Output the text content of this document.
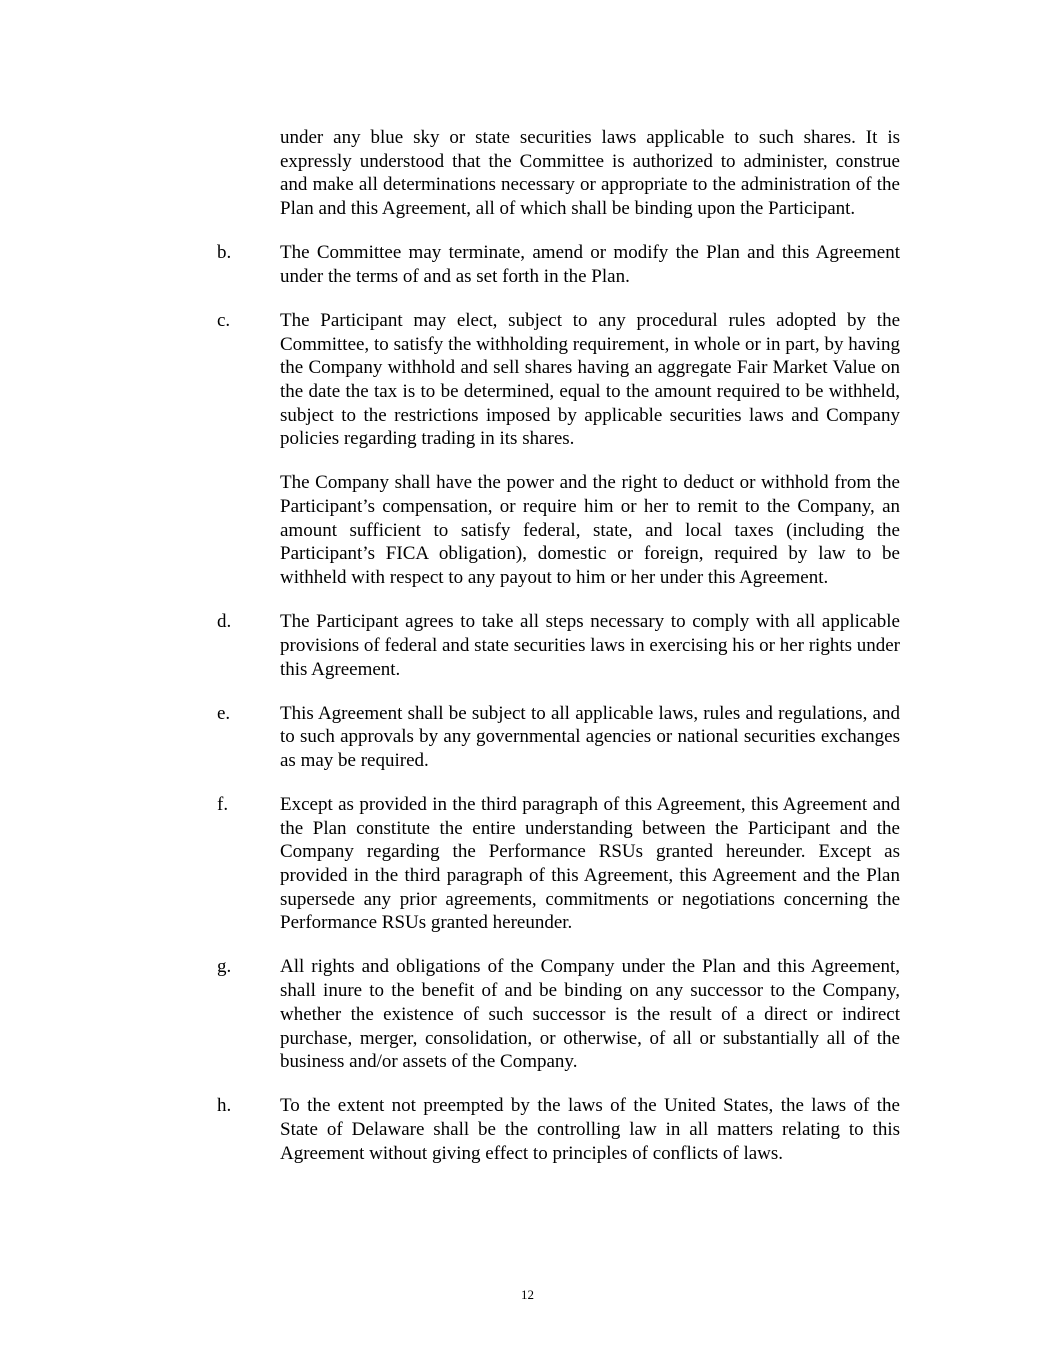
under any blue sky or state securities laws applicable to such shares. It is expressly understood that the Committee is authorized to administer, construe and make all determinations necessary or appropriate to the administration of the Plan and this Agreement, all of which shall be binding upon the Participant.

b.	The Committee may terminate, amend or modify the Plan and this Agreement under the terms of and as set forth in the Plan.

c.	The Participant may elect, subject to any procedural rules adopted by the Committee, to satisfy the withholding requirement, in whole or in part, by having the Company withhold and sell shares having an aggregate Fair Market Value on the date the tax is to be determined, equal to the amount required to be withheld, subject to the restrictions imposed by applicable securities laws and Company policies regarding trading in its shares.

The Company shall have the power and the right to deduct or withhold from the Participant’s compensation, or require him or her to remit to the Company, an amount sufficient to satisfy federal, state, and local taxes (including the Participant’s FICA obligation), domestic or foreign, required by law to be withheld with respect to any payout to him or her under this Agreement.

d.	The Participant agrees to take all steps necessary to comply with all applicable provisions of federal and state securities laws in exercising his or her rights under this Agreement.

e.	This Agreement shall be subject to all applicable laws, rules and regulations, and to such approvals by any governmental agencies or national securities exchanges as may be required.

f.	Except as provided in the third paragraph of this Agreement, this Agreement and the Plan constitute the entire understanding between the Participant and the Company regarding the Performance RSUs granted hereunder. Except as provided in the third paragraph of this Agreement, this Agreement and the Plan supersede any prior agreements, commitments or negotiations concerning the Performance RSUs granted hereunder.

g.	All rights and obligations of the Company under the Plan and this Agreement, shall inure to the benefit of and be binding on any successor to the Company, whether the existence of such successor is the result of a direct or indirect purchase, merger, consolidation, or otherwise, of all or substantially all of the business and/or assets of the Company.

h.	To the extent not preempted by the laws of the United States, the laws of the State of Delaware shall be the controlling law in all matters relating to this Agreement without giving effect to principles of conflicts of laws.

12
